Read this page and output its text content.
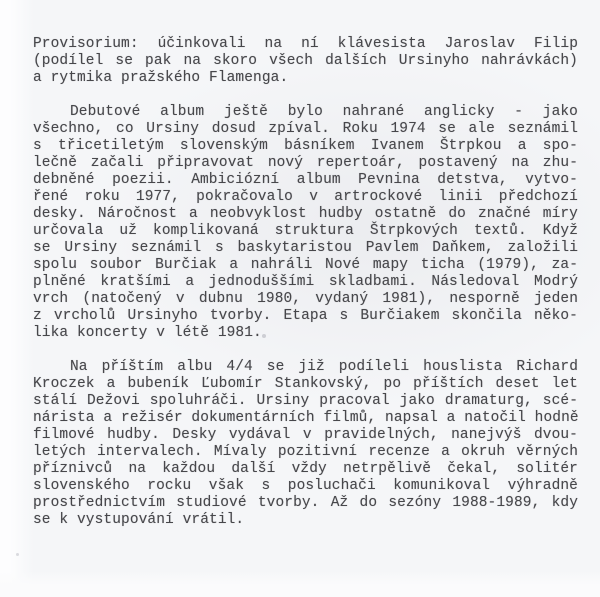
Provisorium: účinkovali na ní klávesista Jaroslav Filip
(podílel se pak na skoro všech dalších Ursinyho nahrávkách)
a rytmika pražského Flamenga.

Debutové album ještě bylo nahrané anglicky - jako
všechno, co Ursiny dosud zpíval. Roku 1974 se ale seznámil
s třicetiletým slovenským básníkem Ivanem Štrpkou a spo-
lečně začali připravovat nový repertoár, postavený na zhu-
debněné poezii. Ambiciózní album Pevnina detstva, vytvo-
řené roku 1977, pokračovalo v artrockové linii předchozí
desky. Náročnost a neobvyklost hudby ostatně do značné míry
určovala už komplikovaná struktura Štrpkových textů. Když
se Ursiny seznámil s baskytaristou Pavlem Daňkem, založili
spolu soubor Burčiak a nahráli Nové mapy ticha (1979), za-
plněné kratšími a jednoduššími skladbami. Následoval Modrý
vrch (natočený v dubnu 1980, vydaný 1981), nesporně jeden
z vrcholů Ursinyho tvorby. Etapa s Burčiakem skončila něko-
lika koncerty v létě 1981.

Na příštím albu 4/4 se již podíleli houslista Richard
Kroczek a bubeník Ľubomír Stankovský, po příštích deset let
stálí Dežovi spoluhráči. Ursiny pracoval jako dramaturg, scé-
nárista a režisér dokumentárních filmů, napsal a natočil hodně
filmové hudby. Desky vydával v pravidelných, nanejvýš dvou-
letých intervalech. Mívaly pozitivní recenze a okruh věrných
příznivců na každou další vždy netrpělivě čekal, solitér
slovenského rocku však s posluchači komunikoval výhradně
prostřednictvím studiové tvorby. Až do sezóny 1988-1989, kdy
se k vystupování vrátil.
